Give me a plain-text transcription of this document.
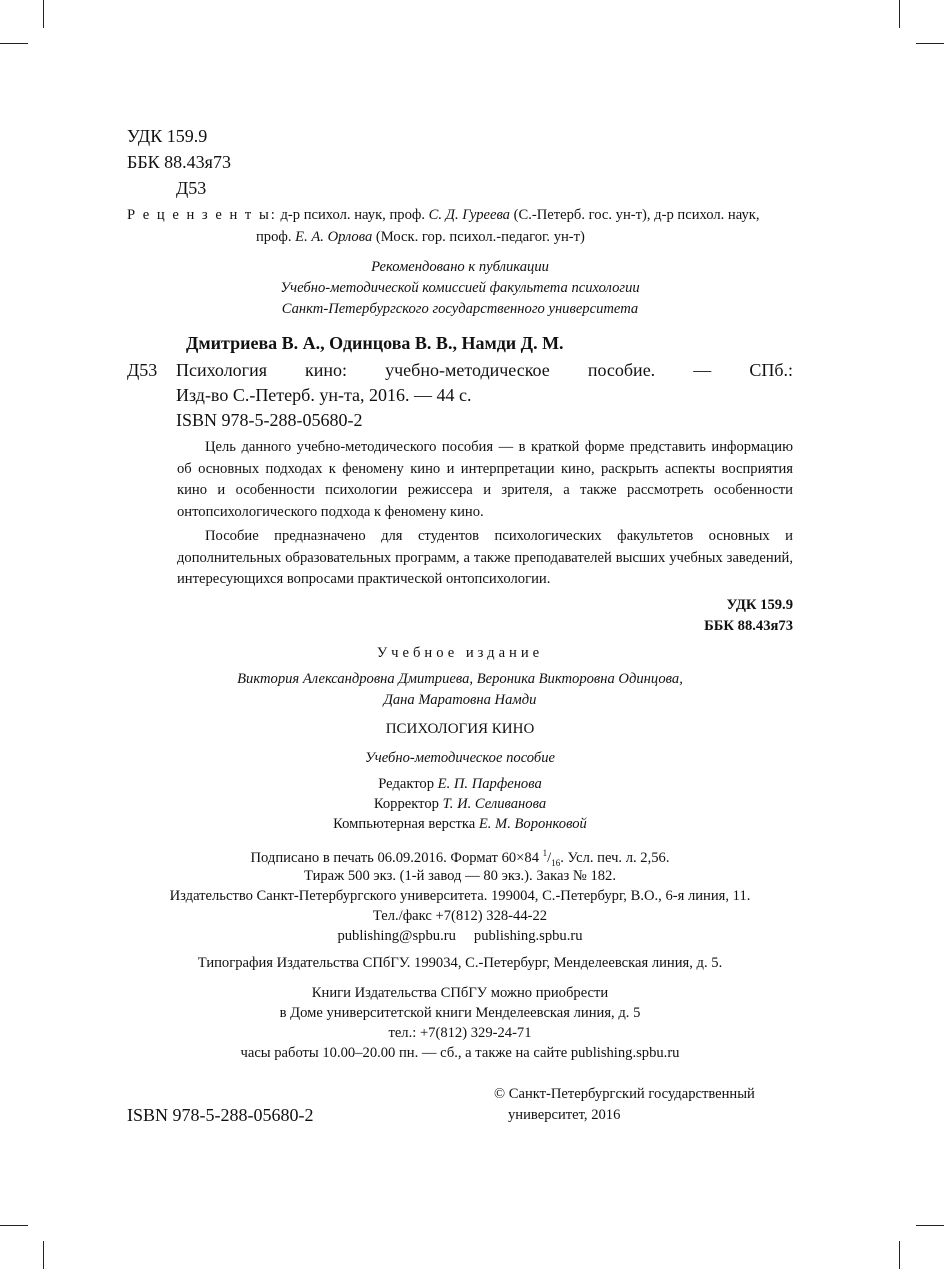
УДК 159.9
ББК 88.43я73
Д53
Р е ц е н з е н т ы: д-р психол. наук, проф. С. Д. Гуреева (С.-Петерб. гос. ун-т), д-р психол. наук,
проф. Е. А. Орлова (Моск. гор. психол.-педагог. ун-т)
Рекомендовано к публикации
Учебно-методической комиссией факультета психологии
Санкт-Петербургского государственного университета
Дмитриева В. А., Одинцова В. В., Намди Д. М.
Д53 Психология кино: учебно-методическое пособие. — СПб.:
Изд-во С.-Петерб. ун-та, 2016. — 44 с.
ISBN 978-5-288-05680-2

Цель данного учебно-методического пособия — в краткой форме представить информацию об основных подходах к феномену кино и интерпретации кино, раскрыть аспекты восприятия кино и особенности психологии режиссера и зрителя, а также рассмотреть особенности онтопсихологического подхода к феномену кино.

Пособие предназначено для студентов психологических факультетов основных и дополнительных образовательных программ, а также преподавателей высших учебных заведений, интересующихся вопросами практической онтопсихологии.

УДК 159.9
ББК 88.43я73
Учебное издание
Виктория Александровна Дмитриева, Вероника Викторовна Одинцова,
Дана Маратовна Намди
ПСИХОЛОГИЯ КИНО
Учебно-методическое пособие
Редактор Е. П. Парфенова
Корректор Т. И. Селиванова
Компьютерная верстка Е. М. Воронковой
Подписано в печать 06.09.2016. Формат 60×84 $^1/_{16}$. Усл. печ. л. 2,56.
Тираж 500 экз. (1-й завод — 80 экз.). Заказ № 182.
Издательство Санкт-Петербургского университета. 199004, С.-Петербург, В.О., 6-я линия, 11.
Тел./факс +7(812) 328-44-22
publishing@spbu.ru publishing.spbu.ru
Типография Издательства СПбГУ. 199034, С.-Петербург, Менделеевская линия, д. 5.
Книги Издательства СПбГУ можно приобрести
в Доме университетской книги Менделеевская линия, д. 5
тел.: +7(812) 329-24-71
часы работы 10.00–20.00 пн. — сб., а также на сайте publishing.spbu.ru
ISBN 978-5-288-05680-2
© Санкт-Петербургский государственный
университет, 2016
